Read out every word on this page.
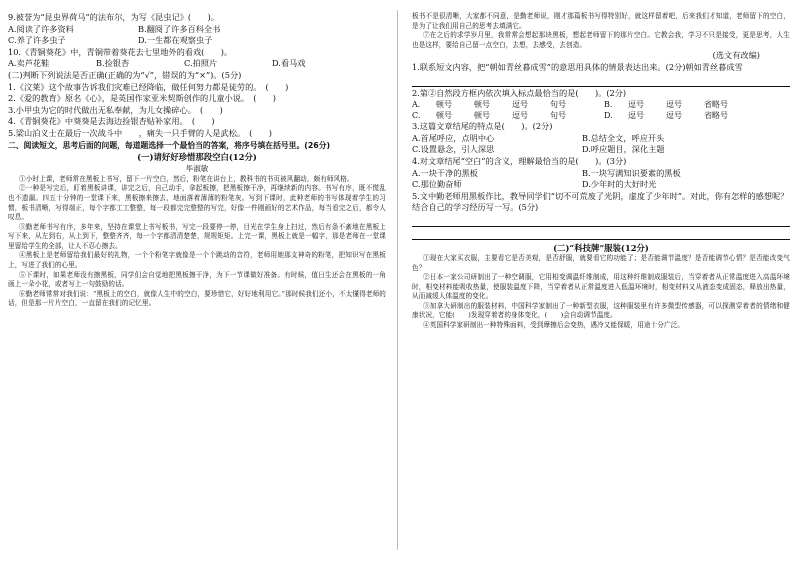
9.被誉为“昆虫界荷马”的法布尔，为写《昆虫记》(　　)。
A.阅读了许多资料	B.翻阅了许多百科全书
C.养了许多虫子	D.一生都在观察虫子
10.《青铜葵花》中，青铜带着葵花去七里地外的看戏(　　)。
A.卖芦花鞋	B.捡银杏	C.拍照片	D.看马戏
(二)判断下列说法是否正确(正确的为“√”，错误的为“×”)。(5分)
1.《汶莱》这个故事告诉我们灾难已经降临，做任何努力都是徒劳的。　(　　)
2.《爱的教育》原名《心》，是英国作家亚米契斯创作的儿童小说。　(　　)
3.小甲虫为它的时代做出无私奉献，为儿女操碎心。　(　　)
4.《青铜葵花》中葵葵是去海边捡银杏贴补家用。　(　　)
5.梁山泊义士在最后一次战斗中　　，痛失一只手臂的人是武松。　(　　)
二、阅读短文，思考后面的问题，每道题选择一个最恰当的答案，将序号填在括号里。(26分)
(一)请好好珍惜那段空白(12分)
毕淑敏
①小时上课，老师常在黑板上书写，留下一片空白，然后，粉笔在讲台上，教科书的书页被风翻动，颇有师风格。
②一种是写完后，盯着黑板讲课，讲完之后，自己动手，拿起板擦，把黑板擦干净，再继续新的内容。书写有序，既不慌乱也不遗漏。四五十分钟的一堂课下来，黑板擦来擦去，地面落着薄薄的粉笔灰。写到下课时，此种老师的书写体现着学生的习惯，板书清晰，写得端正，每个字都工工整整，每一段都完完整整的写完，好像一件刚画好的艺术作品，每当看完之后，都令人叹息。
③勤老师书写有序，多年来，坚持在课堂上书写板书，写完一段要停一停，目光在学生身上扫过，然后有条不紊地在黑板上写下来，从左到右，从上到下，整整齐齐，每一个字都清清楚楚，规规矩矩。上完一课，黑板上就是一幅字，那是老师在一堂课里留给学生的全部，让人不忍心擦去。
④黑板上是老师留给我们最好的礼物，一个个粉笔字就像是一个个跳动的音符，老师用她那支神奇的粉笔，把知识写在黑板上，写进了我们的心里。
⑤下课时，如果老师没有擦黑板，同学们会自觉地把黑板擦干净，为下一节课做好准备。有时候，值日生还会在黑板的一角画上一朵小花，或者写上一句鼓励的话。
⑥勤老师常常对我们说：“黑板上的空白，就像人生中的空白，要珍惜它，好好地利用它。”那时候我们还小，不太懂得老师的话，但是那一片片空白，一直留在我们的记忆里。
板书不是很清晰，大家都不同意，是勤老师说，刚才那篇板书写得特别好，就这样留着吧，后来我们才知道，老师留下的空白，是为了让我们用自己的思考去填满它。
⑦在之后的求学岁月里，我常常会想起那块黑板，想起老师留下的那片空白。它教会我，学习不只是接受，更是思考，人生也是这样，要给自己留一点空白，去想，去感受，去创造。
(选文有改编)
1.联系短文内容，把“朝如青丝暮成雪”的意思用具体的情景表达出来。(2分)朝如青丝暮成雪
2.第②自然段方框内依次填入标点最恰当的是(　　)。(2分)
A.	顿号	顿号	逗号	句号	B.	逗号	逗号	省略号
C.	顿号	顿号	逗号	句号	D.	逗号	逗号	省略号
3.这篇文章结尾的特点是(　　)。(2分)
A.首尾呼应，点明中心	B.总结全文，呼应开头
C.设置悬念，引人深思	D.呼应题目，深化主题
4.对文章结尾“空白”的含义，理解最恰当的是(　　)。(3分)
A.一块干净的黑板	B.一块写满知识要素的黑板
C.那位勤奋师	D.少年时的大好时光
5.文中勤老师用黑板作比，教导同学们“切不可荒废了光阴，虚度了少年时”。对此，你有怎样的感想呢？结合自己的学习经历写一写。(5分)
(二)“科技牌”服装(12分)
①现在大家买衣服，主要看它是否美观，是否舒服，就要看它的功能了；是否能调节温度？是否能调节心情？是否能改变气色？
②日本一家公司研制出了一种空调服，它用相变调温纤维制成，用这种纤维制成服装后，当穿着者从正常温度进入高温环境时，相变材料能吸收热量，使服装温度下降，当穿着者从正常温度进入低温环境时，相变材料又从液态变成固态，释放出热量，从而减缓人体温度的变化。
③加拿大研制出的服装材料，中国科学家制出了一种新型衣服，这种服装里有许多微型传感器，可以探测穿着者的情绪和健康状况，它能(　　)发现穿着者的身体变化，(　　)会自动调节温度。
④英国科学家研制出一种特殊面料，受到摩擦后会变热，遇冷又能保暖，用途十分广泛。
